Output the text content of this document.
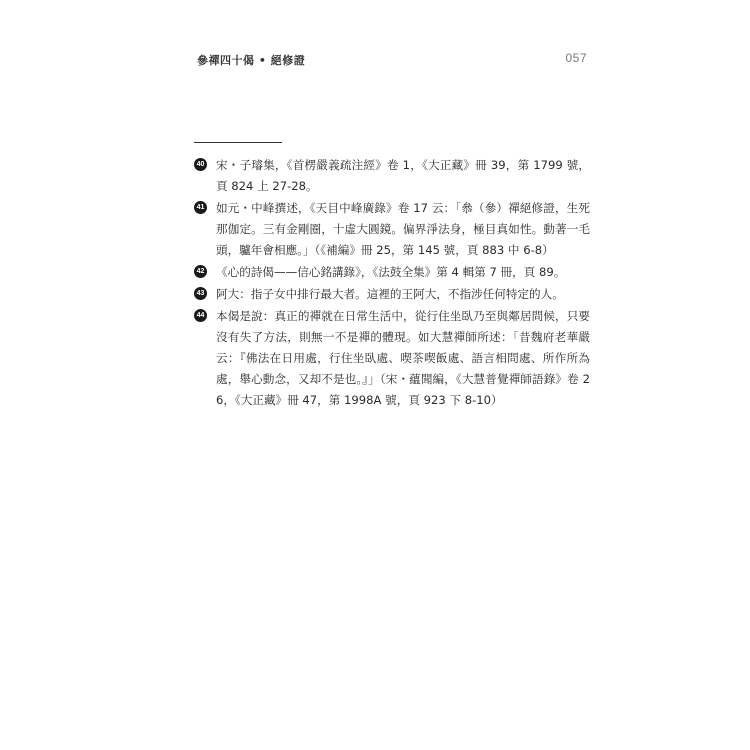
參禪四十偈 • 絕修證	057
40 宋・子璿集，《首楞嚴義疏注經》卷 1，《大正藏》冊 39，第 1799 號，頁 824 上 27-28。
41 如元・中峰撰述，《天目中峰廣錄》卷 17 云：「叅（參）禪絕修證，生死那伽定。三有金剛圈，十虛大圓鏡。偏界淨法身，極目真如性。動著一毛頭，驢年會相應。」（《補編》冊 25，第 145 號，頁 883 中 6-8）
42 《心的詩偈——信心銘講錄》，《法鼓全集》第 4 輯第 7 冊，頁 89。
43 阿大：指子女中排行最大者。這裡的王阿大，不指涉任何特定的人。
44 本偈是說：真正的禪就在日常生活中，從行住坐臥乃至與鄰居問候，只要沒有失了方法，則無一不是禪的體現。如大慧禪師所述：「昔魏府老華嚴云：『佛法在日用處，行住坐臥處、喫茶喫飯處、語言相問處、所作所為處，舉心動念，又却不是也。』」（宋・蘊聞編，《大慧普覺禪師語錄》卷 26，《大正藏》冊 47，第 1998A 號，頁 923 下 8-10）
